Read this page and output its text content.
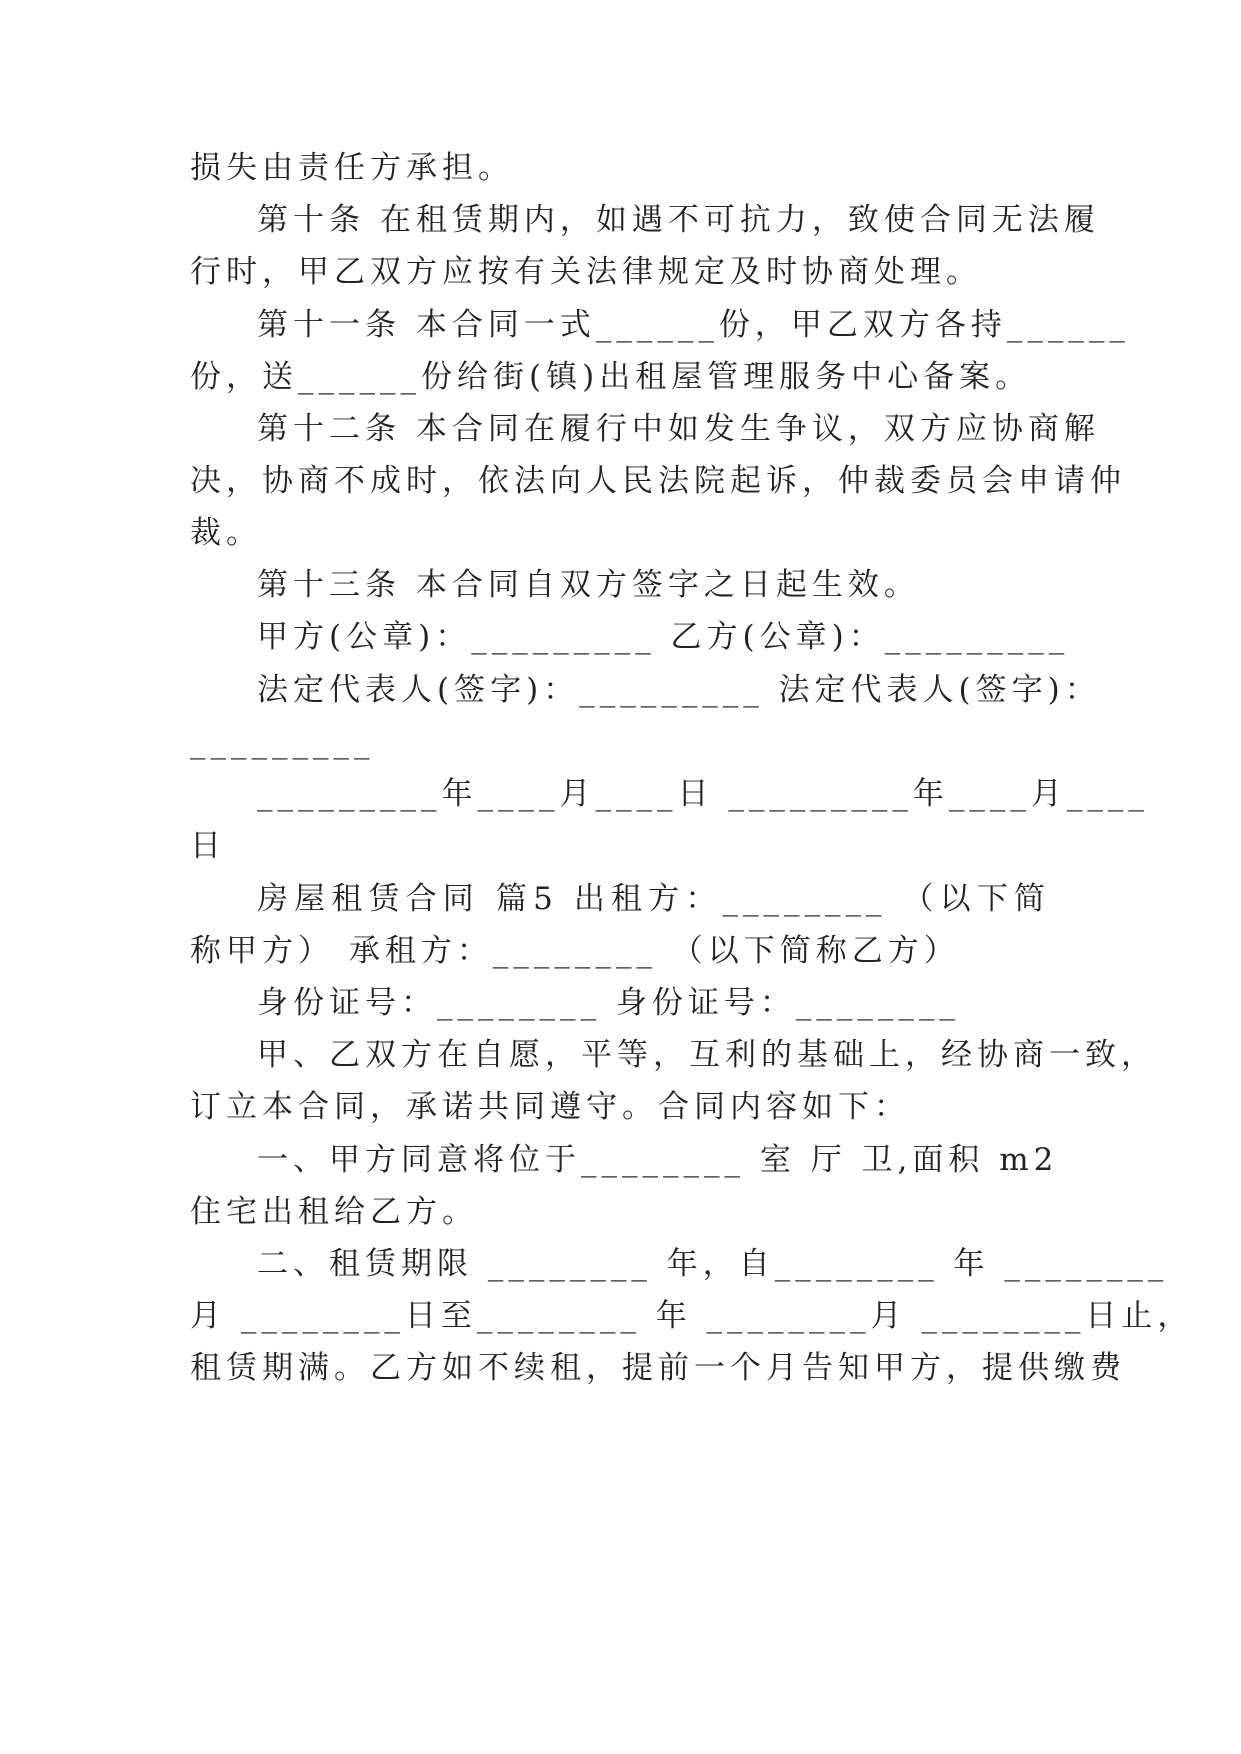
损失由责任方承担。
第十条 在租赁期内，如遇不可抗力，致使合同无法履
行时，甲乙双方应按有关法律规定及时协商处理。
第十一条 本合同一式______份，甲乙双方各持______
份，送______份给街(镇)出租屋管理服务中心备案。
第十二条 本合同在履行中如发生争议，双方应协商解
决，协商不成时，依法向人民法院起诉，仲裁委员会申请仲
裁。
第十三条 本合同自双方签字之日起生效。
甲方(公章)：_________ 乙方(公章)：_________
法定代表人(签字)：_________ 法定代表人(签字)：
_________
_________年____月____日 _________年____月____
日
房屋租赁合同 篇5 出租方：________ （以下简
称甲方） 承租方：________ （以下简称乙方）
身份证号：________ 身份证号：________
甲、乙双方在自愿，平等，互利的基础上，经协商一致，
订立本合同，承诺共同遵守。合同内容如下：
一、甲方同意将位于________ 室 厅 卫,面积 m2
住宅出租给乙方。
二、租赁期限 ________ 年，自________ 年 ________
月 ________日至________ 年 ________月 ________日止，
租赁期满。乙方如不续租，提前一个月告知甲方，提供缴费
